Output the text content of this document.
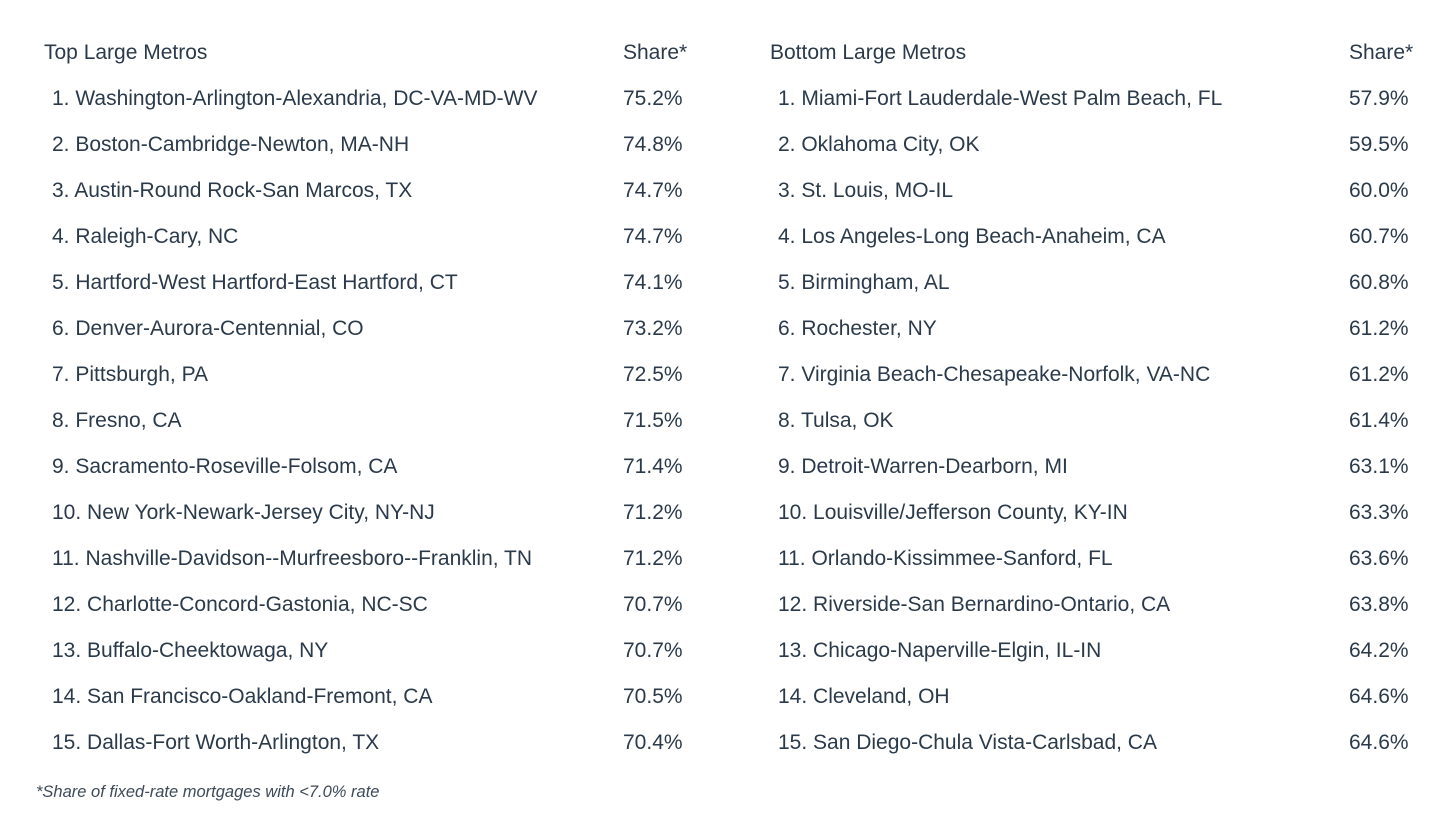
Top Large Metros	Share*
1. Washington-Arlington-Alexandria, DC-VA-MD-WV	75.2%
2. Boston-Cambridge-Newton, MA-NH	74.8%
3. Austin-Round Rock-San Marcos, TX	74.7%
4. Raleigh-Cary, NC	74.7%
5. Hartford-West Hartford-East Hartford, CT	74.1%
6. Denver-Aurora-Centennial, CO	73.2%
7. Pittsburgh, PA	72.5%
8. Fresno, CA	71.5%
9. Sacramento-Roseville-Folsom, CA	71.4%
10. New York-Newark-Jersey City, NY-NJ	71.2%
11. Nashville-Davidson--Murfreesboro--Franklin, TN	71.2%
12. Charlotte-Concord-Gastonia, NC-SC	70.7%
13. Buffalo-Cheektowaga, NY	70.7%
14. San Francisco-Oakland-Fremont, CA	70.5%
15. Dallas-Fort Worth-Arlington, TX	70.4%
Bottom Large Metros	Share*
1. Miami-Fort Lauderdale-West Palm Beach, FL	57.9%
2. Oklahoma City, OK	59.5%
3. St. Louis, MO-IL	60.0%
4. Los Angeles-Long Beach-Anaheim, CA	60.7%
5. Birmingham, AL	60.8%
6. Rochester, NY	61.2%
7. Virginia Beach-Chesapeake-Norfolk, VA-NC	61.2%
8. Tulsa, OK	61.4%
9. Detroit-Warren-Dearborn, MI	63.1%
10. Louisville/Jefferson County, KY-IN	63.3%
11. Orlando-Kissimmee-Sanford, FL	63.6%
12. Riverside-San Bernardino-Ontario, CA	63.8%
13. Chicago-Naperville-Elgin, IL-IN	64.2%
14. Cleveland, OH	64.6%
15. San Diego-Chula Vista-Carlsbad, CA	64.6%
*Share of fixed-rate mortgages with <7.0% rate
